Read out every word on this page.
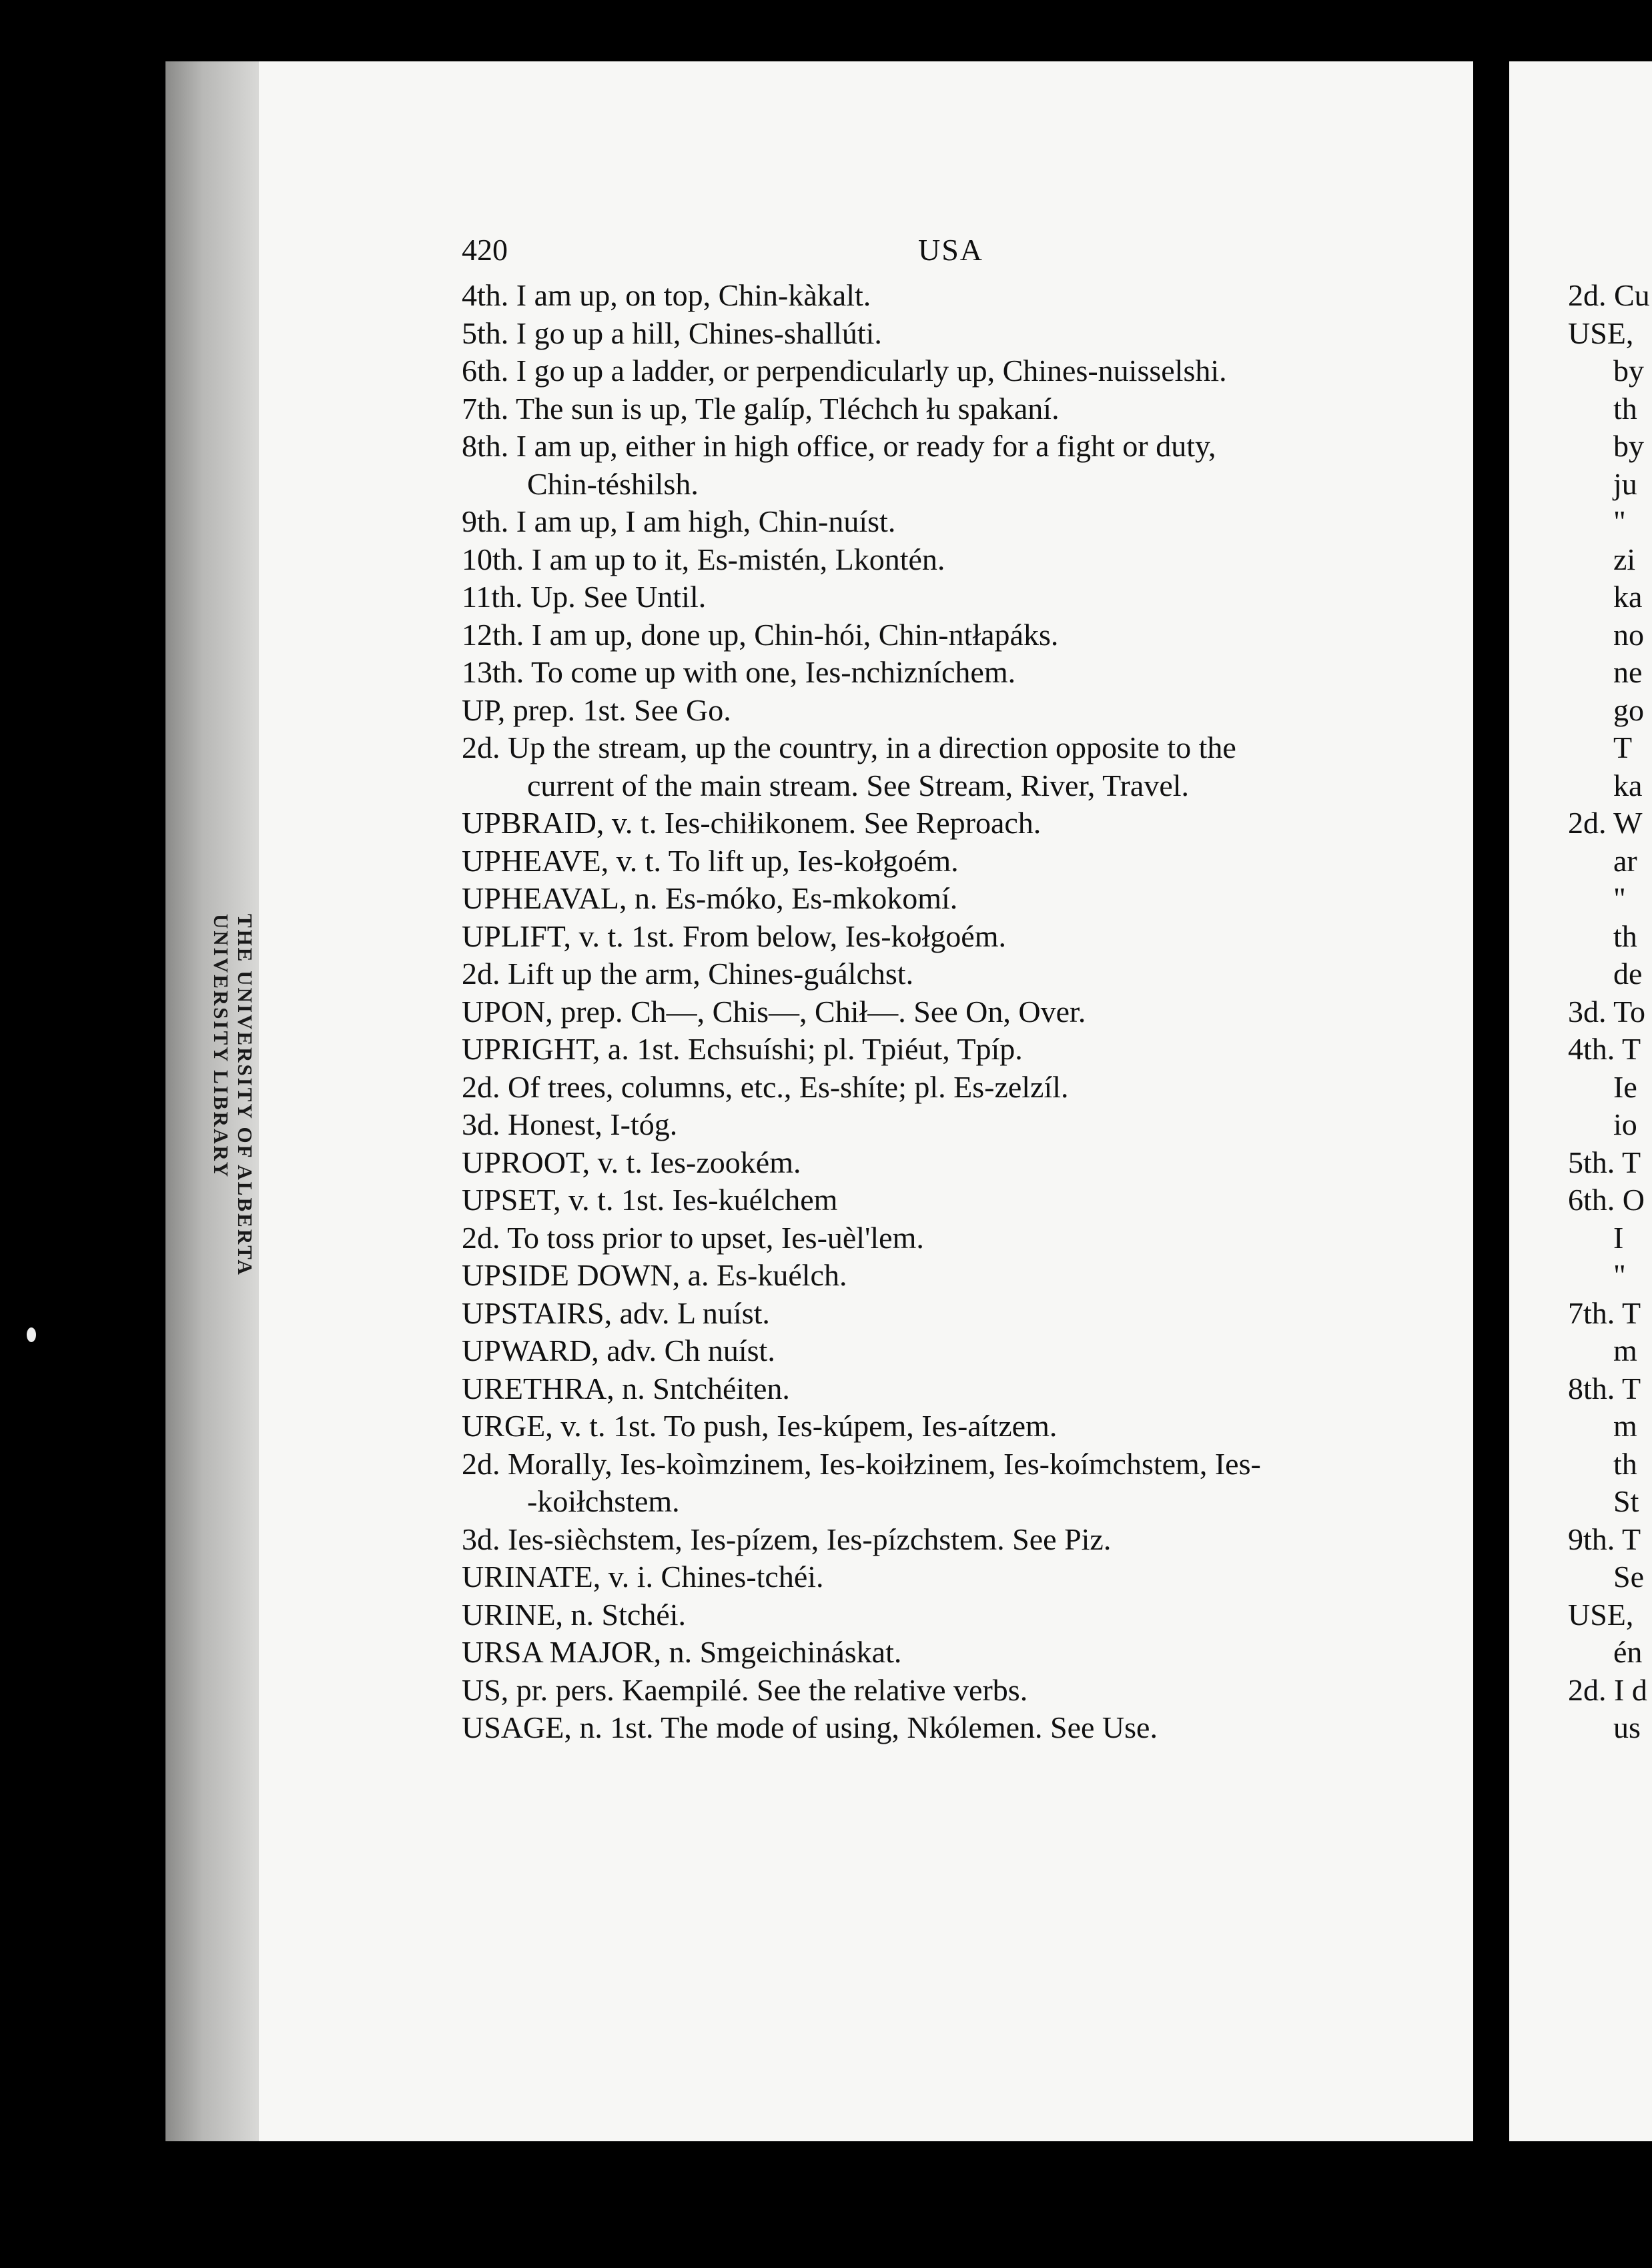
UNIVERSITY LIBRARY THE UNIVERSITY OF ALBERTA
420	USA
4th. I am up, on top, Chin-kàkalt.
5th. I go up a hill, Chines-shallúti.
6th. I go up a ladder, or perpendicularly up, Chines-nuisselshi.
7th. The sun is up, Tle galíp, Tléchch łu spakaní.
8th. I am up, either in high office, or ready for a fight or duty,
Chin-téshilsh.
9th. I am up, I am high, Chin-nuíst.
10th. I am up to it, Es-mistén, Lkontén.
11th. Up. See Until.
12th. I am up, done up, Chin-hói, Chin-ntłapáks.
13th. To come up with one, Ies-nchizníchem.
UP, prep. 1st. See Go.
2d. Up the stream, up the country, in a direction opposite to the
current of the main stream. See Stream, River, Travel.
UPBRAID, v. t. Ies-chiłikonem. See Reproach.
UPHEAVE, v. t. To lift up, Ies-kołgoém.
UPHEAVAL, n. Es-móko, Es-mkokomí.
UPLIFT, v. t. 1st. From below, Ies-kołgoém.
2d. Lift up the arm, Chines-guálchst.
UPON, prep. Ch—, Chis—, Chił—. See On, Over.
UPRIGHT, a. 1st. Echsuíshi; pl. Tpiéut, Tpíp.
2d. Of trees, columns, etc., Es-shíte; pl. Es-zelzíl.
3d. Honest, I-tóg.
UPROOT, v. t. Ies-zookém.
UPSET, v. t. 1st. Ies-kuélchem
2d. To toss prior to upset, Ies-uèl'lem.
UPSIDE DOWN, a. Es-kuélch.
UPSTAIRS, adv. L nuíst.
UPWARD, adv. Ch nuíst.
URETHRA, n. Sntchéiten.
URGE, v. t. 1st. To push, Ies-kúpem, Ies-aítzem.
2d. Morally, Ies-koìmzinem, Ies-koiłzinem, Ies-koímchstem, Ies-
-koiłchstem.
3d. Ies-sièchstem, Ies-pízem, Ies-pízchstem. See Piz.
URINATE, v. i. Chines-tchéi.
URINE, n. Stchéi.
URSA MAJOR, n. Smgeichináskat.
US, pr. pers. Kaempilé. See the relative verbs.
USAGE, n. 1st. The mode of using, Nkólemen. See Use.
2d. Cu
USE,
by
th
by
ju
"
zi
ka
no
ne
go
T
ka
2d. W
ar
"
th
de
3d. To
4th. T
Ie
io
5th. T
6th. O
I
"
7th. T
m
8th. T
m
th
St
9th. T
Se
USE,
én
2d. I d
us
